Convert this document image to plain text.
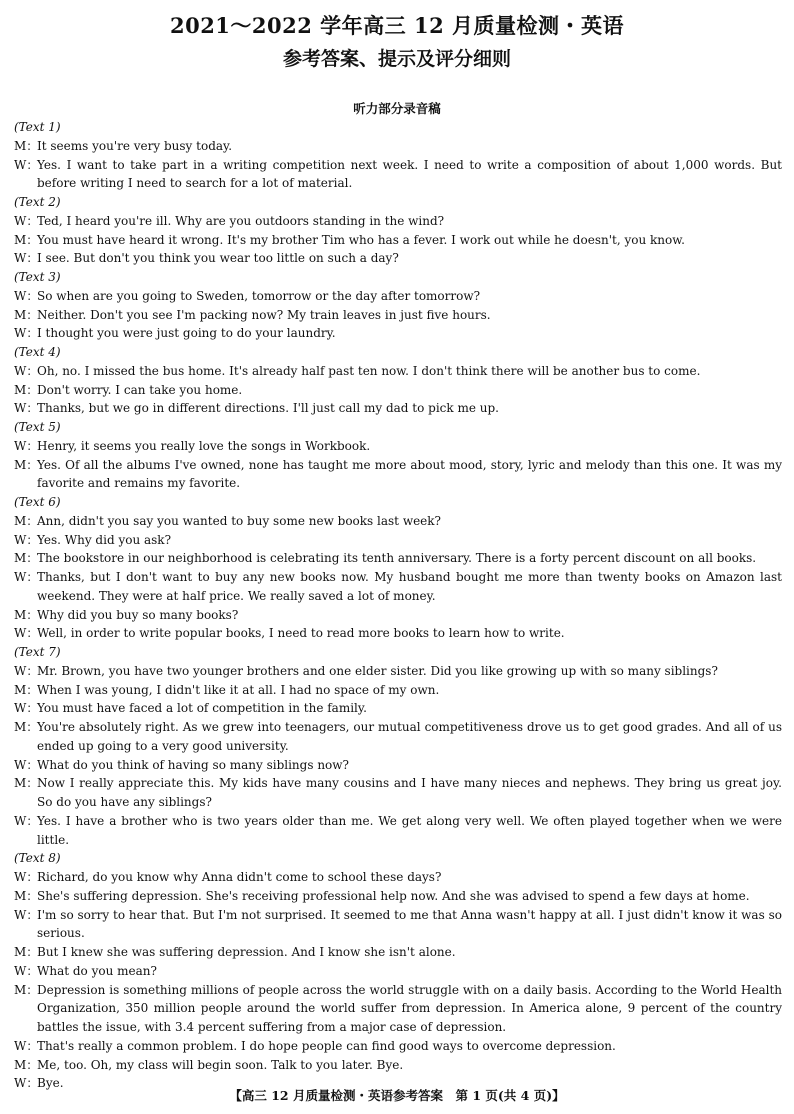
2021～2022 学年高三 12 月质量检测・英语
参考答案、提示及评分细则
听力部分录音稿
(Text 1)
M：
It seems you're very busy today.
W：
Yes. I want to take part in a writing competition next week. I need to write a composition of about 1,000 words. But before writing I need to search for a lot of material.
(Text 2)
W：
Ted, I heard you're ill. Why are you outdoors standing in the wind?
M：
You must have heard it wrong. It's my brother Tim who has a fever. I work out while he doesn't, you know.
W：
I see. But don't you think you wear too little on such a day?
(Text 3)
W：
So when are you going to Sweden, tomorrow or the day after tomorrow?
M：
Neither. Don't you see I'm packing now? My train leaves in just five hours.
W：
I thought you were just going to do your laundry.
(Text 4)
W：
Oh, no. I missed the bus home. It's already half past ten now. I don't think there will be another bus to come.
M：
Don't worry. I can take you home.
W：
Thanks, but we go in different directions. I'll just call my dad to pick me up.
(Text 5)
W：
Henry, it seems you really love the songs in Workbook.
M：
Yes. Of all the albums I've owned, none has taught me more about mood, story, lyric and melody than this one. It was my favorite and remains my favorite.
(Text 6)
M：
Ann, didn't you say you wanted to buy some new books last week?
W：
Yes. Why did you ask?
M：
The bookstore in our neighborhood is celebrating its tenth anniversary. There is a forty percent discount on all books.
W：
Thanks, but I don't want to buy any new books now. My husband bought me more than twenty books on Amazon last weekend. They were at half price. We really saved a lot of money.
M：
Why did you buy so many books?
W：
Well, in order to write popular books, I need to read more books to learn how to write.
(Text 7)
W：
Mr. Brown, you have two younger brothers and one elder sister. Did you like growing up with so many siblings?
M：
When I was young, I didn't like it at all. I had no space of my own.
W：
You must have faced a lot of competition in the family.
M：
You're absolutely right. As we grew into teenagers, our mutual competitiveness drove us to get good grades. And all of us ended up going to a very good university.
W：
What do you think of having so many siblings now?
M：
Now I really appreciate this. My kids have many cousins and I have many nieces and nephews. They bring us great joy. So do you have any siblings?
W：
Yes. I have a brother who is two years older than me. We get along very well. We often played together when we were little.
(Text 8)
W：
Richard, do you know why Anna didn't come to school these days?
M：
She's suffering depression. She's receiving professional help now. And she was advised to spend a few days at home.
W：
I'm so sorry to hear that. But I'm not surprised. It seemed to me that Anna wasn't happy at all. I just didn't know it was so serious.
M：
But I knew she was suffering depression. And I know she isn't alone.
W：
What do you mean?
M：
Depression is something millions of people across the world struggle with on a daily basis. According to the World Health Organization, 350 million people around the world suffer from depression. In America alone, 9 percent of the country battles the issue, with 3.4 percent suffering from a major case of depression.
W：
That's really a common problem. I do hope people can find good ways to overcome depression.
M：
Me, too. Oh, my class will begin soon. Talk to you later. Bye.
W：
Bye.
【高三 12 月质量检测・英语参考答案　第 1 页(共 4 页)】
